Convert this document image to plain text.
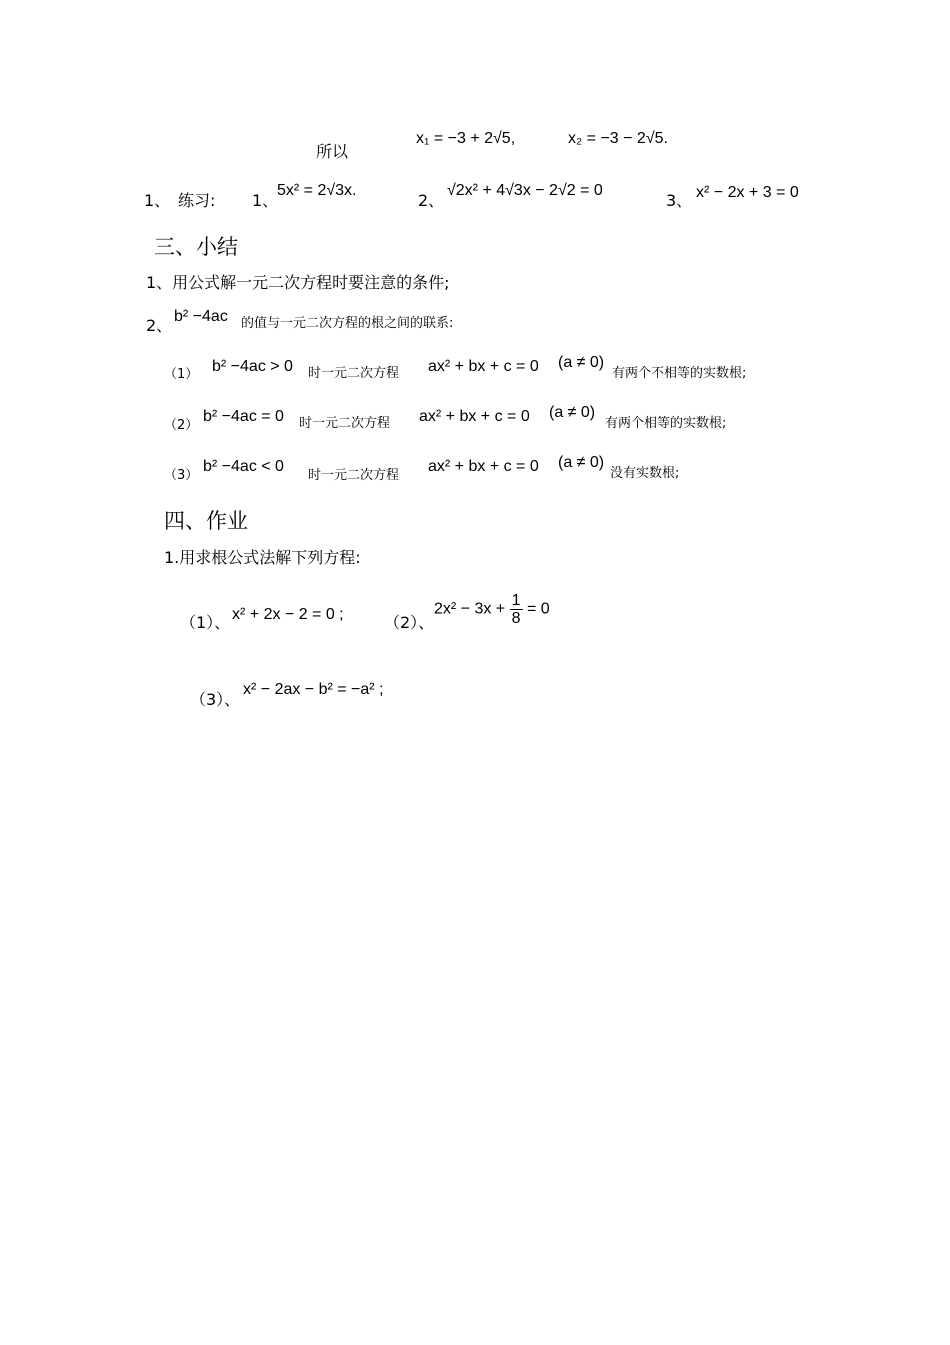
所以
x₁ = −3 + 2√5,	x₂ = −3 − 2√5.
1、 练习: 1、
5x² = 2√3x.
2、
√2x² + 4√3x − 2√2 = 0
3、 x² − 2x + 3 = 0
三、小结
1、用公式解一元二次方程时要注意的条件;
2、 b² −4ac 的值与一元二次方程的根之间的联系:
（1） b² −4ac > 0 时一元二次方程 ax² + bx + c = 0 (a ≠ 0)
有两个不相等的实数根;
（2）
b² −4ac = 0 时一元二次方程 ax² + bx + c = 0 (a ≠ 0)
有两个相等的实数根;
（3）
b² −4ac < 0
时一元二次方程
ax² + bx + c = 0 (a ≠ 0)
没有实数根;
四、作业
1.用求根公式法解下列方程:
（1）、 x² + 2x − 2 = 0 ;	（2）、
$2x^2 - 3x + \frac{1}{8} = 0$
（3）、
x² − 2ax − b² = −a² ;
